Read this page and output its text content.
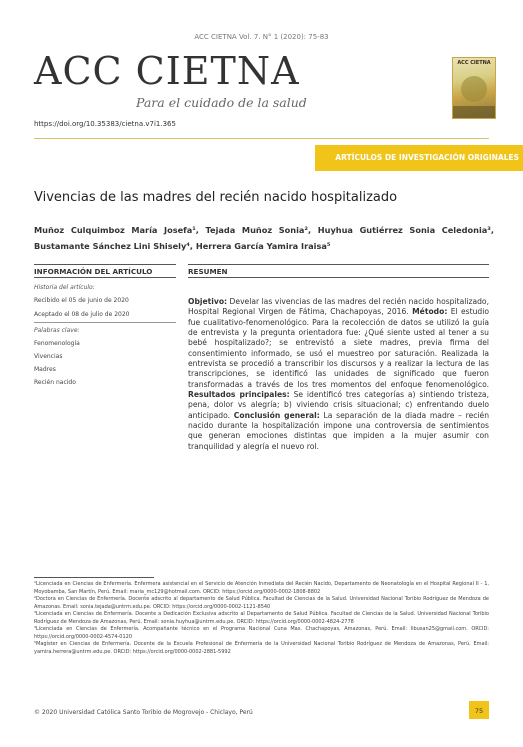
ACC CIETNA Vol. 7. N° 1 (2020): 75-83
ACC CIETNA
Para el cuidado de la salud
https://doi.org/10.35383/cietna.v7i1.365
ACC CIETNA
ARTÍCULOS DE INVESTIGACIÓN ORIGINALES
Vivencias de las madres del recién nacido hospitalizado
Muñoz Culquimboz María Josefa¹, Tejada Muñoz Sonia², Huyhua Gutiérrez Sonia Celedonia³, Bustamante Sánchez Lini Shisely⁴, Herrera García Yamira Iraisa⁵
INFORMACIÓN DEL ARTÍCULO	RESUMEN
Historia del artículo:
Recibido el 05 de junio de 2020
Aceptado el 08 de julio de 2020
Palabras clave:
Fenomenología
Vivencias
Madres
Recién nacido
Objetivo: Develar las vivencias de las madres del recién nacido hospitalizado, Hospital Regional Virgen de Fátima, Chachapoyas, 2016. Método: El estudio fue cualitativo-fenomenológico. Para la recolección de datos se utilizó la guía de entrevista y la pregunta orientadora fue: ¿Qué siente usted al tener a su bebé hospitalizado?; se entrevistó a siete madres, previa firma del consentimiento informado, se usó el muestreo por saturación. Realizada la entrevista se procedió a transcribir los discursos y a realizar la lectura de las transcripciones, se identificó las unidades de significado que fueron transformadas a través de los tres momentos del enfoque fenomenológico. Resultados principales: Se identificó tres categorías a) sintiendo tristeza, pena, dolor vs alegría; b) viviendo crisis situacional; c) enfrentando duelo anticipado. Conclusión general: La separación de la diada madre – recién nacido durante la hospitalización impone una controversia de sentimientos que generan emociones distintas que impiden a la mujer asumir con tranquilidad y alegría el nuevo rol.
¹Licenciada en Ciencias de Enfermería. Enfermera asistencial en el Servicio de Atención Inmediata del Recién Nacido, Departamento de Neonatología en el Hospital Regional II - 1, Moyobamba, San Martín, Perú. Email: maria_mc129@hotmail.com. ORCID: https://orcid.org/0000-0002-1808-8802
²Doctora en Ciencias de Enfermería. Docente adscrito al departamento de Salud Pública. Facultad de Ciencias de la Salud. Universidad Nacional Toribio Rodríguez de Mendoza de Amazonas. Email: sonia.tejada@untrm.edu.pe. ORCID: https://orcid.org/0000-0002-1121-8540
³Licenciada en Ciencias de Enfermería. Docente a Dedicación Exclusiva adscrito al Departamento de Salud Pública. Facultad de Ciencias de la Salud. Universidad Nacional Toribio Rodríguez de Mendoza de Amazonas, Perú. Email: sonia.huyhua@untrm.edu.pe. ORCID: https://orcid.org/0000-0002-4824-2778
⁴Licenciada en Ciencias de Enfermería. Acompañante técnico en el Programa Nacional Cuna Mas. Chachapoyas, Amazonas, Perú. Email: libusan25@gmail.com. ORCID: https://orcid.org/0000-0002-4574-0120
⁵Magíster en Ciencias de Enfermería. Docente de la Escuela Profesional de Enfermería de la Universidad Nacional Toribio Rodríguez de Mendoza de Amazonas, Perú. Email: yamira.herrera@untrm.edu.pe. ORCID: https://orcid.org/0000-0002-2881-5992
© 2020 Universidad Católica Santo Toribio de Mogrovejo - Chiclayo, Perú	75
